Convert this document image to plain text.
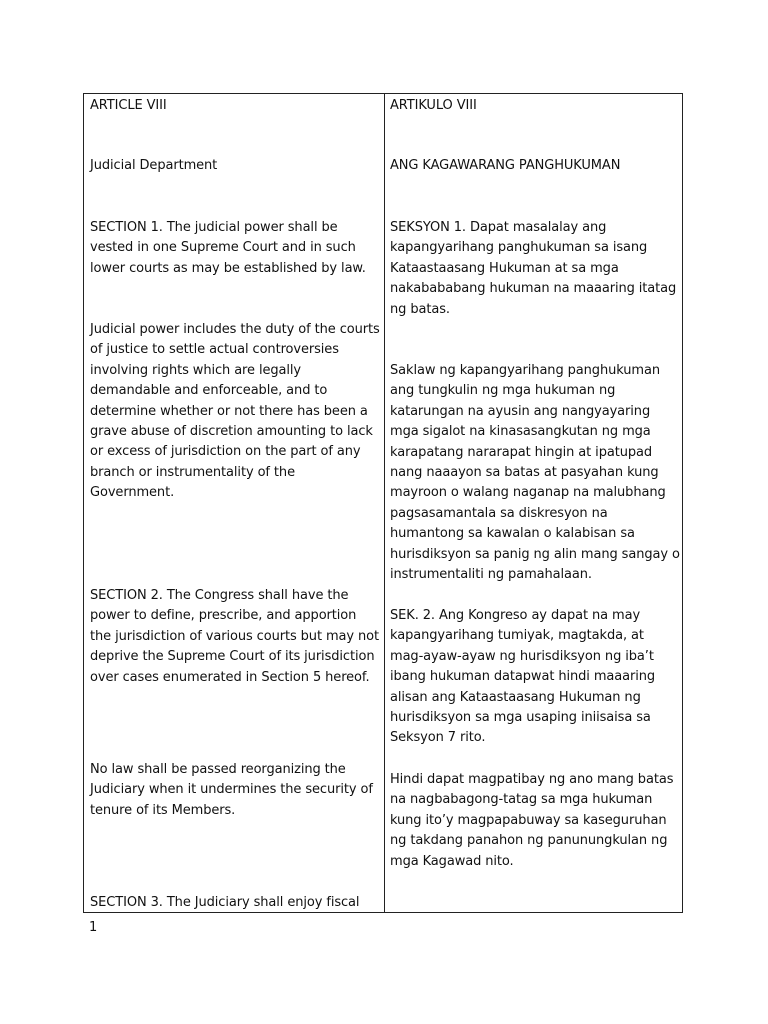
ARTICLE VIII

Judicial Department

SECTION 1. The judicial power shall be vested in one Supreme Court and in such lower courts as may be established by law.

Judicial power includes the duty of the courts of justice to settle actual controversies involving rights which are legally demandable and enforceable, and to determine whether or not there has been a grave abuse of discretion amounting to lack or excess of jurisdiction on the part of any branch or instrumentality of the Government.

SECTION 2. The Congress shall have the power to define, prescribe, and apportion the jurisdiction of various courts but may not deprive the Supreme Court of its jurisdiction over cases enumerated in Section 5 hereof.

No law shall be passed reorganizing the Judiciary when it undermines the security of tenure of its Members.

SECTION 3. The Judiciary shall enjoy fiscal

ARTIKULO VIII

ANG KAGAWARANG PANGHUKUMAN

SEKSYON 1. Dapat masalalay ang kapangyarihang panghukuman sa isang Kataastaasang Hukuman at sa mga nakabababang hukuman na maaaring itatag ng batas.

Saklaw ng kapangyarihang panghukuman ang tungkulin ng mga hukuman ng katarungan na ayusin ang nangyayaring mga sigalot na kinasasangkutan ng mga karapatang nararapat hingin at ipatupad nang naaayon sa batas at pasyahan kung mayroon o walang naganap na malubhang pagsasamantala sa diskresyon na humantong sa kawalan o kalabisan sa hurisdiksyon sa panig ng alin mang sangay o instrumentaliti ng pamahalaan.

SEK. 2. Ang Kongreso ay dapat na may kapangyarihang tumiyak, magtakda, at mag-ayaw-ayaw ng hurisdiksyon ng iba’t ibang hukuman datapwat hindi maaaring alisan ang Kataastaasang Hukuman ng hurisdiksyon sa mga usaping iniisaisa sa Seksyon 7 rito.

Hindi dapat magpatibay ng ano mang batas na nagbabagong-tatag sa mga hukuman kung ito’y magpapabuway sa kaseguruhan ng takdang panahon ng panunungkulan ng mga Kagawad nito.

1
